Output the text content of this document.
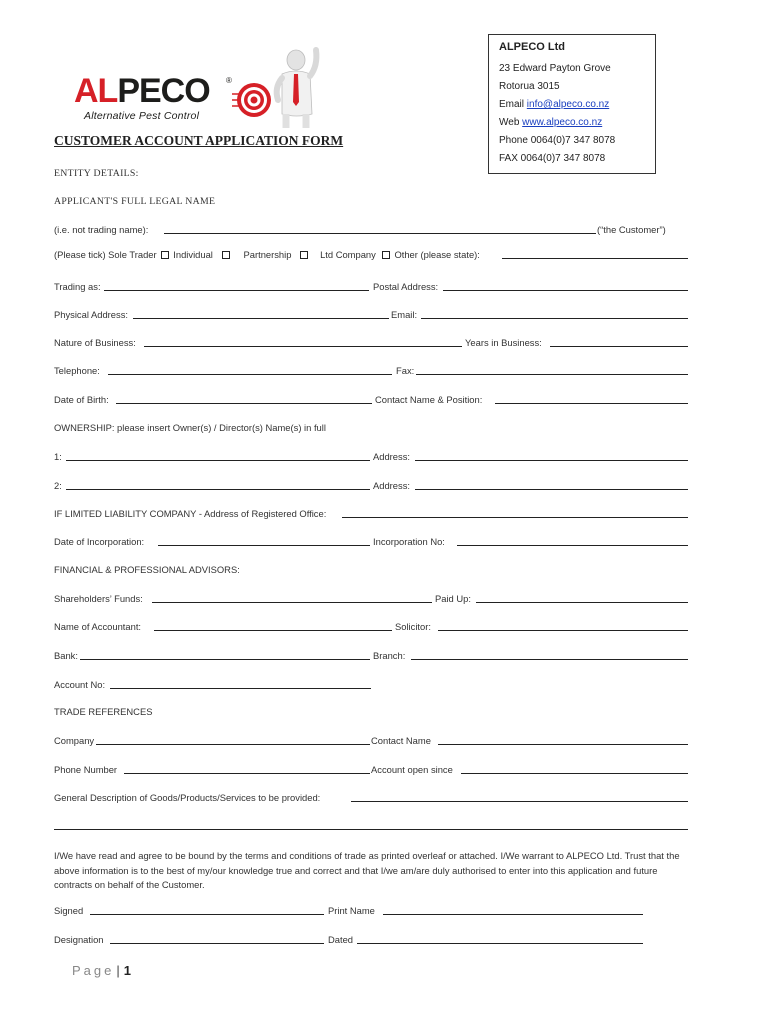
ALPECO ®
Alternative Pest Control
ALPECO Ltd
23 Edward Payton Grove
Rotorua 3015
Email info@alpeco.co.nz
Web www.alpeco.co.nz
Phone 0064(0)7 347 8078
FAX 0064(0)7 347 8078
CUSTOMER ACCOUNT APPLICATION FORM
ENTITY DETAILS:
APPLICANT'S FULL LEGAL NAME
(i.e. not trading name):	(“the Customer”)
(Please tick) Sole Trader Individual	Partnership	Ltd Company Other (please state):
Trading as:	Postal Address:
Physical Address:	Email:
Nature of Business:	Years in Business:
Telephone:	Fax:
Date of Birth:	Contact Name & Position:
OWNERSHIP: please insert Owner(s) / Director(s) Name(s) in full
1:	Address:
2:	Address:
IF LIMITED LIABILITY COMPANY - Address of Registered Office:
Date of Incorporation:	Incorporation No:
FINANCIAL & PROFESSIONAL ADVISORS:
Shareholders’ Funds:	Paid Up:
Name of Accountant:	Solicitor:
Bank:	Branch:
Account No:
TRADE REFERENCES
Company	Contact Name
Phone Number	Account open since
General Description of Goods/Products/Services to be provided:
I/We have read and agree to be bound by the terms and conditions of trade as printed overleaf or attached. I/We warrant to ALPECO Ltd. Trust that the above information is to the best of my/our knowledge true and correct and that I/we am/are duly authorised to enter into this application and future contracts on behalf of the Customer.
Signed	Print Name
Designation	Dated
Page | 1
